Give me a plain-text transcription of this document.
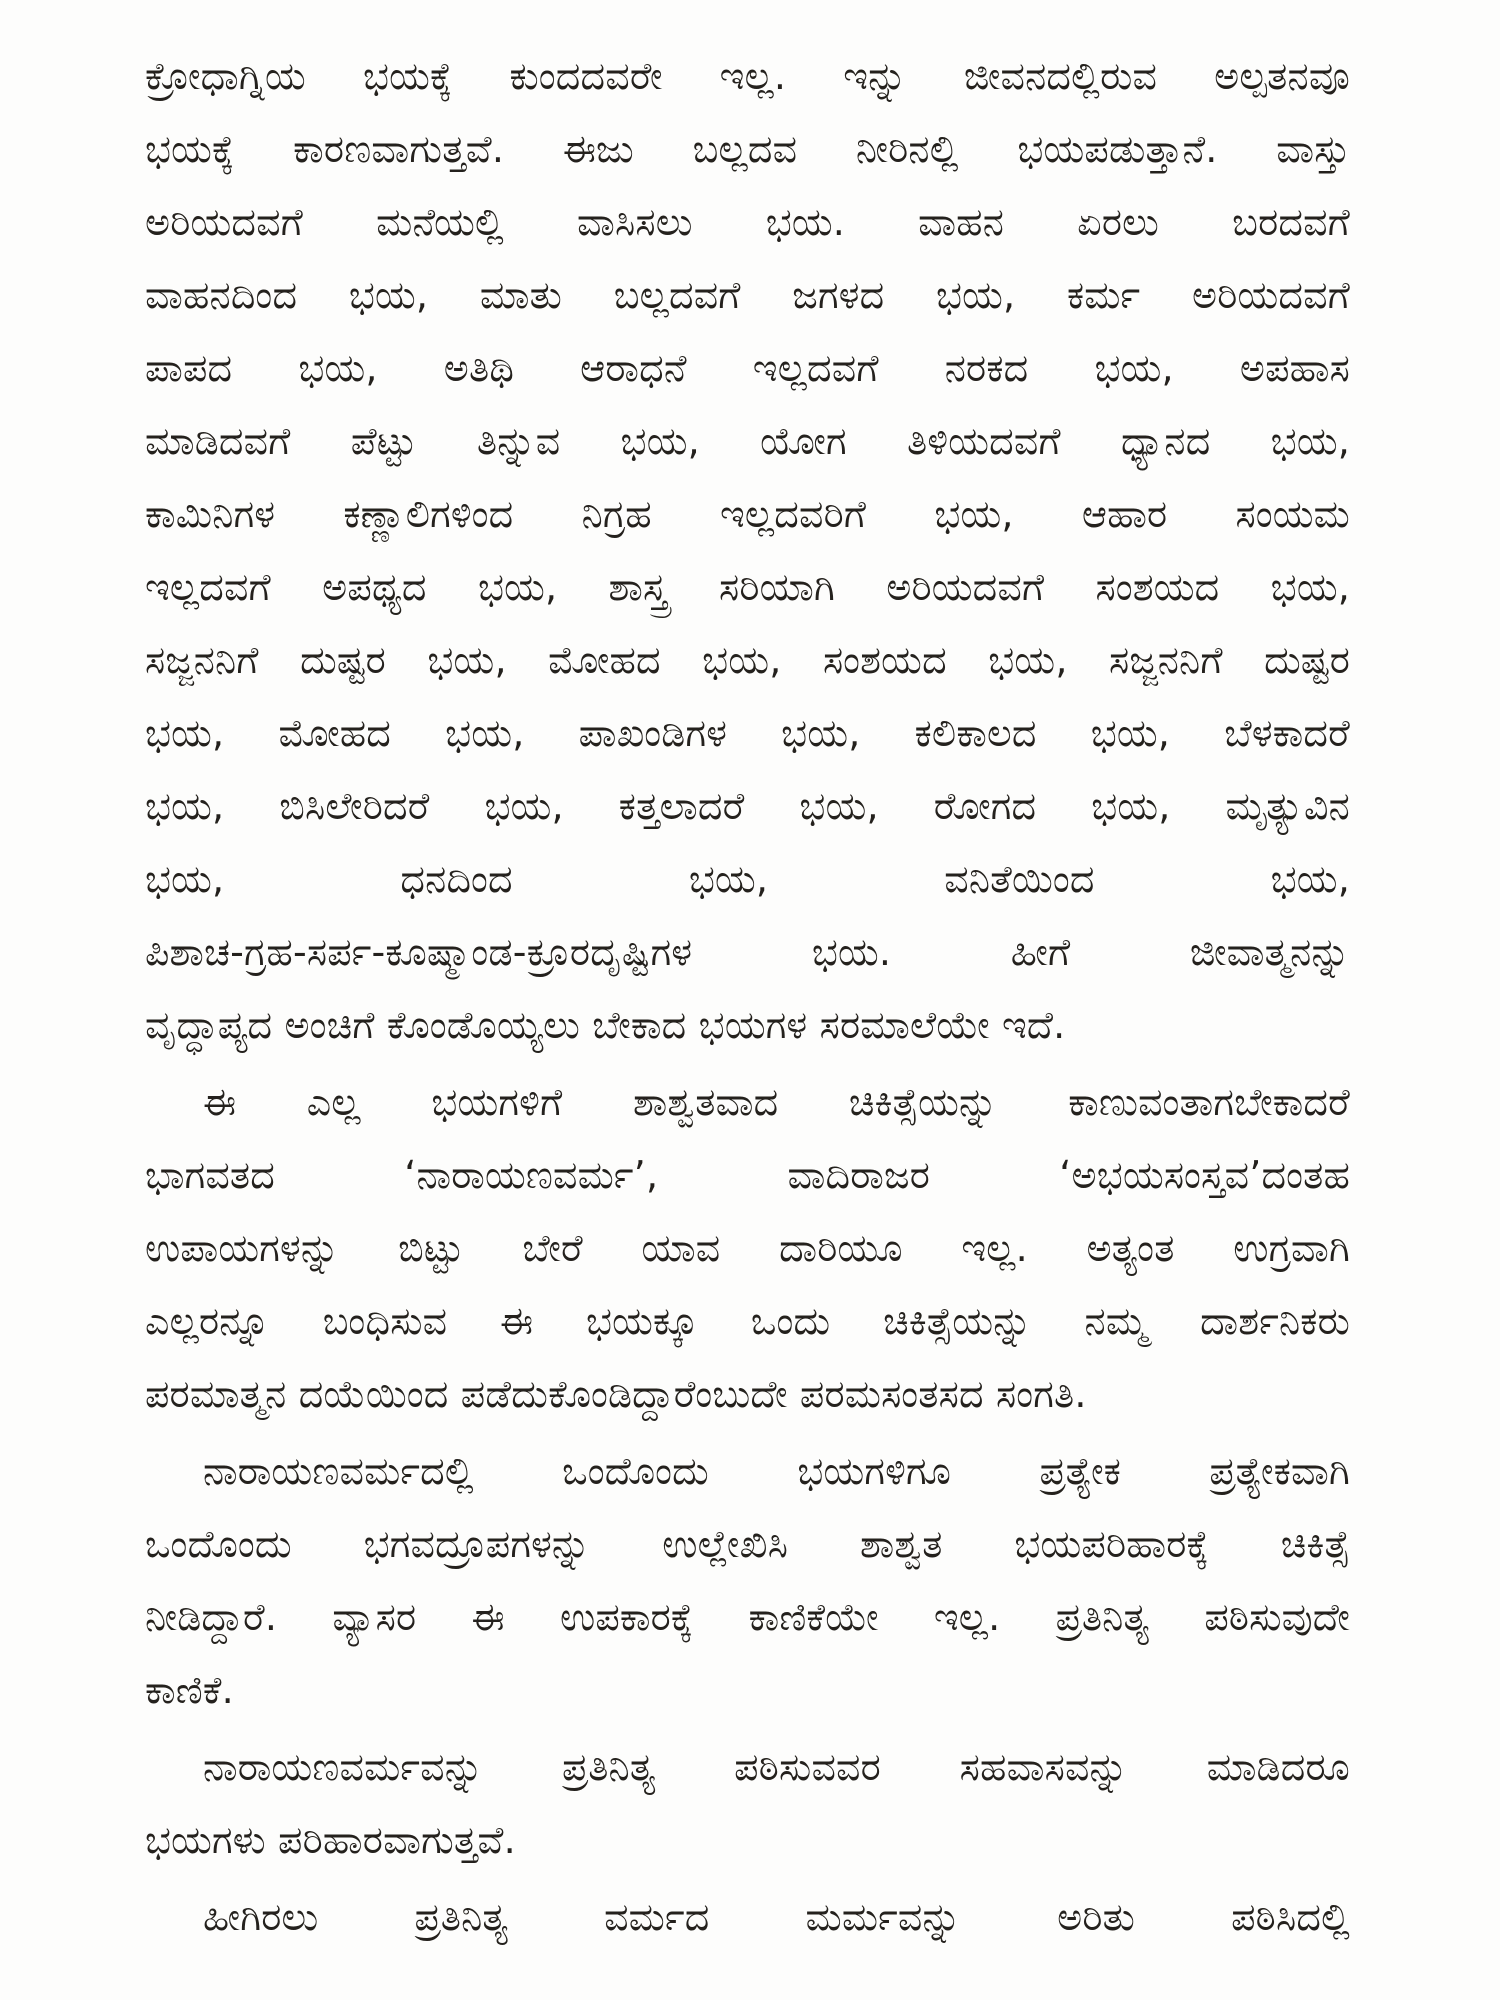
ಕ್ರೋಧಾಗ್ನಿಯ ಭಯಕ್ಕೆ ಕುಂದದವರೇ ಇಲ್ಲ. ಇನ್ನು ಜೀವನದಲ್ಲಿರುವ ಅಲ್ಪತನವೂ
ಭಯಕ್ಕೆ ಕಾರಣವಾಗುತ್ತವೆ. ಈಜು ಬಲ್ಲದವ ನೀರಿನಲ್ಲಿ ಭಯಪಡುತ್ತಾನೆ. ವಾಸ್ತು
ಅರಿಯದವಗೆ ಮನೆಯಲ್ಲಿ ವಾಸಿಸಲು ಭಯ. ವಾಹನ ಏರಲು ಬರದವಗೆ
ವಾಹನದಿಂದ ಭಯ, ಮಾತು ಬಲ್ಲದವಗೆ ಜಗಳದ ಭಯ, ಕರ್ಮ ಅರಿಯದವಗೆ
ಪಾಪದ ಭಯ, ಅತಿಥಿ ಆರಾಧನೆ ಇಲ್ಲದವಗೆ ನರಕದ ಭಯ, ಅಪಹಾಸ
ಮಾಡಿದವಗೆ ಪೆಟ್ಟು ತಿನ್ನುವ ಭಯ, ಯೋಗ ತಿಳಿಯದವಗೆ ಧ್ಯಾನದ ಭಯ,
ಕಾಮಿನಿಗಳ ಕಣ್ಣಾಲಿಗಳಿಂದ ನಿಗ್ರಹ ಇಲ್ಲದವರಿಗೆ ಭಯ, ಆಹಾರ ಸಂಯಮ
ಇಲ್ಲದವಗೆ ಅಪಥ್ಯದ ಭಯ, ಶಾಸ್ತ್ರ ಸರಿಯಾಗಿ ಅರಿಯದವಗೆ ಸಂಶಯದ ಭಯ,
ಸಜ್ಜನನಿಗೆ ದುಷ್ಟರ ಭಯ, ಮೋಹದ ಭಯ, ಸಂಶಯದ ಭಯ, ಸಜ್ಜನನಿಗೆ ದುಷ್ಟರ
ಭಯ, ಮೋಹದ ಭಯ, ಪಾಖಂಡಿಗಳ ಭಯ, ಕಲಿಕಾಲದ ಭಯ, ಬೆಳಕಾದರೆ
ಭಯ, ಬಿಸಿಲೇರಿದರೆ ಭಯ, ಕತ್ತಲಾದರೆ ಭಯ, ರೋಗದ ಭಯ, ಮೃತ್ಯುವಿನ
ಭಯ, ಧನದಿಂದ ಭಯ, ವನಿತೆಯಿಂದ ಭಯ,
ಪಿಶಾಚ-ಗ್ರಹ-ಸರ್ಪ-ಕೂಷ್ಮಾಂಡ-ಕ್ರೂರದೃಷ್ಟಿಗಳ ಭಯ. ಹೀಗೆ ಜೀವಾತ್ಮನನ್ನು
ವೃದ್ಧಾಪ್ಯದ ಅಂಚಿಗೆ ಕೊಂಡೊಯ್ಯಲು ಬೇಕಾದ ಭಯಗಳ ಸರಮಾಲೆಯೇ ಇದೆ.
ಈ ಎಲ್ಲ ಭಯಗಳಿಗೆ ಶಾಶ್ವತವಾದ ಚಿಕಿತ್ಸೆಯನ್ನು ಕಾಣುವಂತಾಗಬೇಕಾದರೆ
ಭಾಗವತದ ‘ನಾರಾಯಣವರ್ಮ’, ವಾದಿರಾಜರ ‘ಅಭಯಸಂಸ್ತವ’ದಂತಹ
ಉಪಾಯಗಳನ್ನು ಬಿಟ್ಟು ಬೇರೆ ಯಾವ ದಾರಿಯೂ ಇಲ್ಲ. ಅತ್ಯಂತ ಉಗ್ರವಾಗಿ
ಎಲ್ಲರನ್ನೂ ಬಂಧಿಸುವ ಈ ಭಯಕ್ಕೂ ಒಂದು ಚಿಕಿತ್ಸೆಯನ್ನು ನಮ್ಮ ದಾರ್ಶನಿಕರು
ಪರಮಾತ್ಮನ ದಯೆಯಿಂದ ಪಡೆದುಕೊಂಡಿದ್ದಾರೆಂಬುದೇ ಪರಮಸಂತಸದ ಸಂಗತಿ.
ನಾರಾಯಣವರ್ಮದಲ್ಲಿ ಒಂದೊಂದು ಭಯಗಳಿಗೂ ಪ್ರತ್ಯೇಕ ಪ್ರತ್ಯೇಕವಾಗಿ
ಒಂದೊಂದು ಭಗವದ್ರೂಪಗಳನ್ನು ಉಲ್ಲೇಖಿಸಿ ಶಾಶ್ವತ ಭಯಪರಿಹಾರಕ್ಕೆ ಚಿಕಿತ್ಸೆ
ನೀಡಿದ್ದಾರೆ. ವ್ಯಾಸರ ಈ ಉಪಕಾರಕ್ಕೆ ಕಾಣಿಕೆಯೇ ಇಲ್ಲ. ಪ್ರತಿನಿತ್ಯ ಪಠಿಸುವುದೇ
ಕಾಣಿಕೆ.
ನಾರಾಯಣವರ್ಮವನ್ನು ಪ್ರತಿನಿತ್ಯ ಪಠಿಸುವವರ ಸಹವಾಸವನ್ನು ಮಾಡಿದರೂ
ಭಯಗಳು ಪರಿಹಾರವಾಗುತ್ತವೆ.
ಹೀಗಿರಲು ಪ್ರತಿನಿತ್ಯ ವರ್ಮದ ಮರ್ಮವನ್ನು ಅರಿತು ಪಠಿಸಿದಲ್ಲಿ
